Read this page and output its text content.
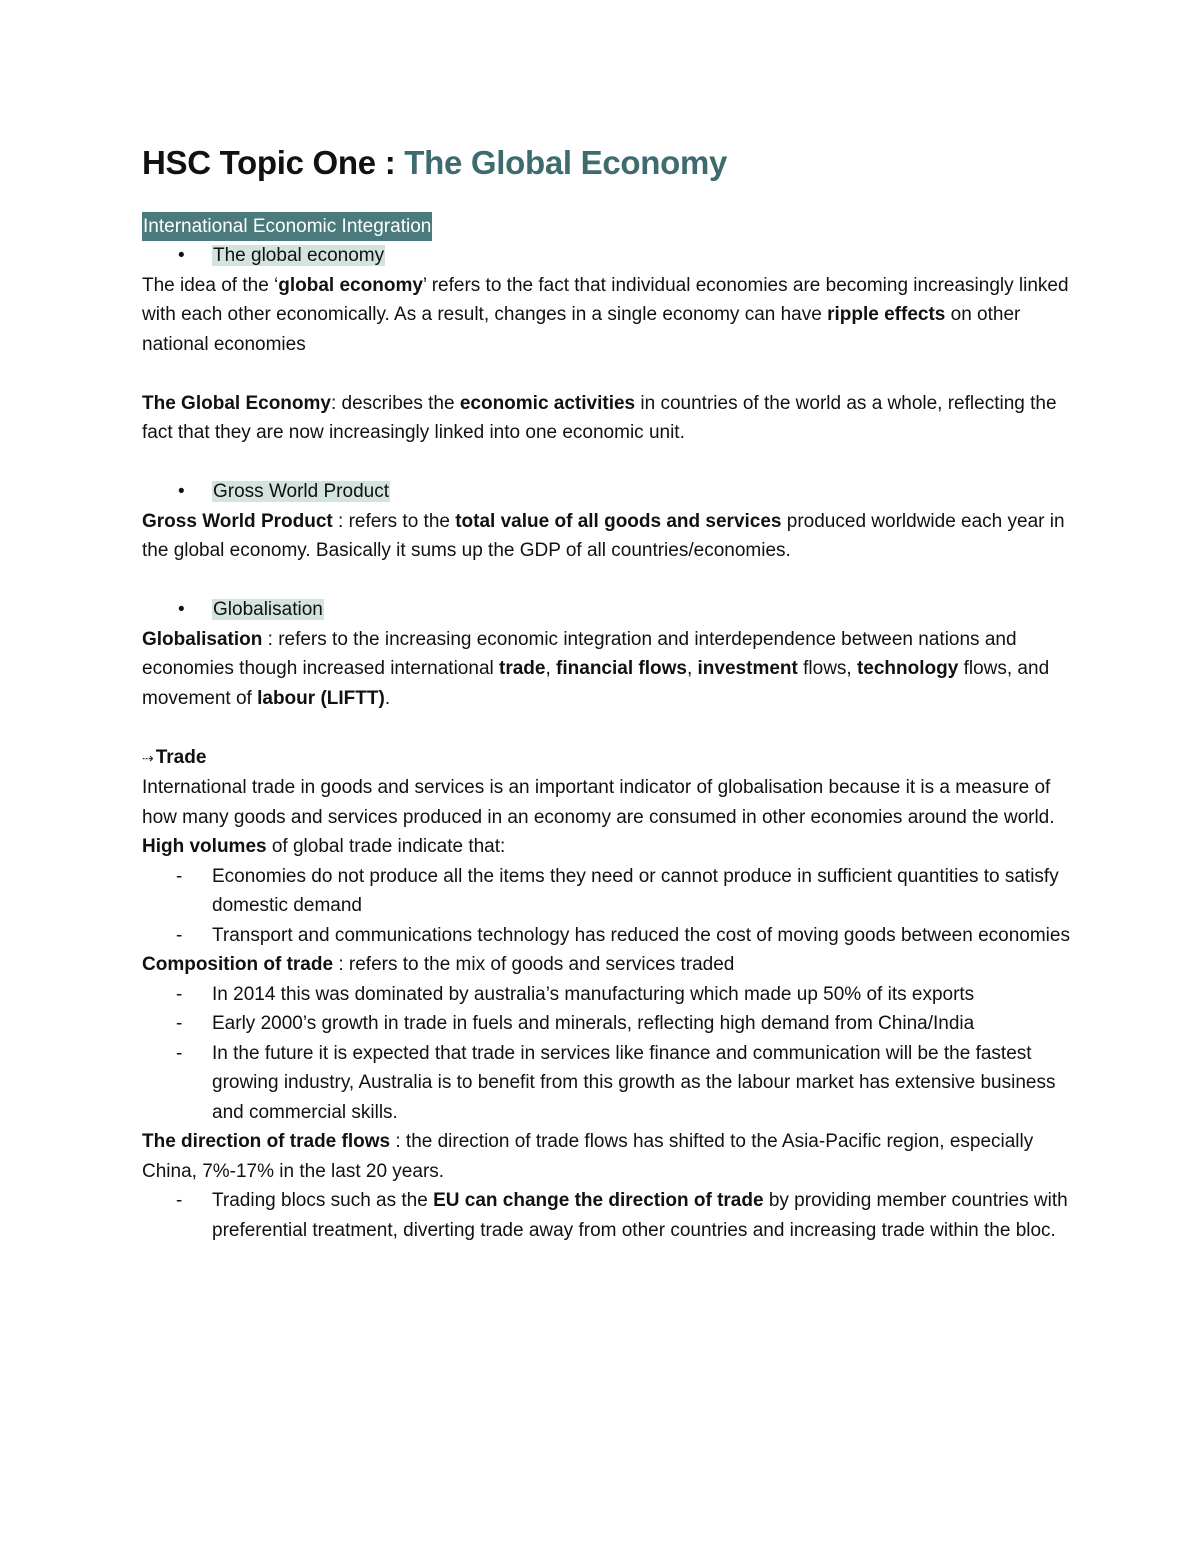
HSC Topic One : The Global Economy
International Economic Integration
• The global economy

The idea of the ‘global economy’ refers to the fact that individual economies are becoming increasingly linked with each other economically. As a result, changes in a single economy can have ripple effects on other national economies

The Global Economy: describes the economic activities in countries of the world as a whole, reflecting the fact that they are now increasingly linked into one economic unit.

• Gross World Product

Gross World Product : refers to the total value of all goods and services produced worldwide each year in the global economy. Basically it sums up the GDP of all countries/economies.

• Globalisation

Globalisation : refers to the increasing economic integration and interdependence between nations and economies though increased international trade, financial flows, investment flows, technology flows, and movement of labour (LIFTT).

⇢ Trade

International trade in goods and services is an important indicator of globalisation because it is a measure of how many goods and services produced in an economy are consumed in other economies around the world.

High volumes of global trade indicate that:

- Economies do not produce all the items they need or cannot produce in sufficient quantities to satisfy domestic demand
- Transport and communications technology has reduced the cost of moving goods between economies

Composition of trade : refers to the mix of goods and services traded

- In 2014 this was dominated by australia’s manufacturing which made up 50% of its exports
- Early 2000’s growth in trade in fuels and minerals, reflecting high demand from China/India
- In the future it is expected that trade in services like finance and communication will be the fastest growing industry, Australia is to benefit from this growth as the labour market has extensive business and commercial skills.

The direction of trade flows : the direction of trade flows has shifted to the Asia-Pacific region, especially China, 7%-17% in the last 20 years.

- Trading blocs such as the EU can change the direction of trade by providing member countries with preferential treatment, diverting trade away from other countries and increasing trade within the bloc.
